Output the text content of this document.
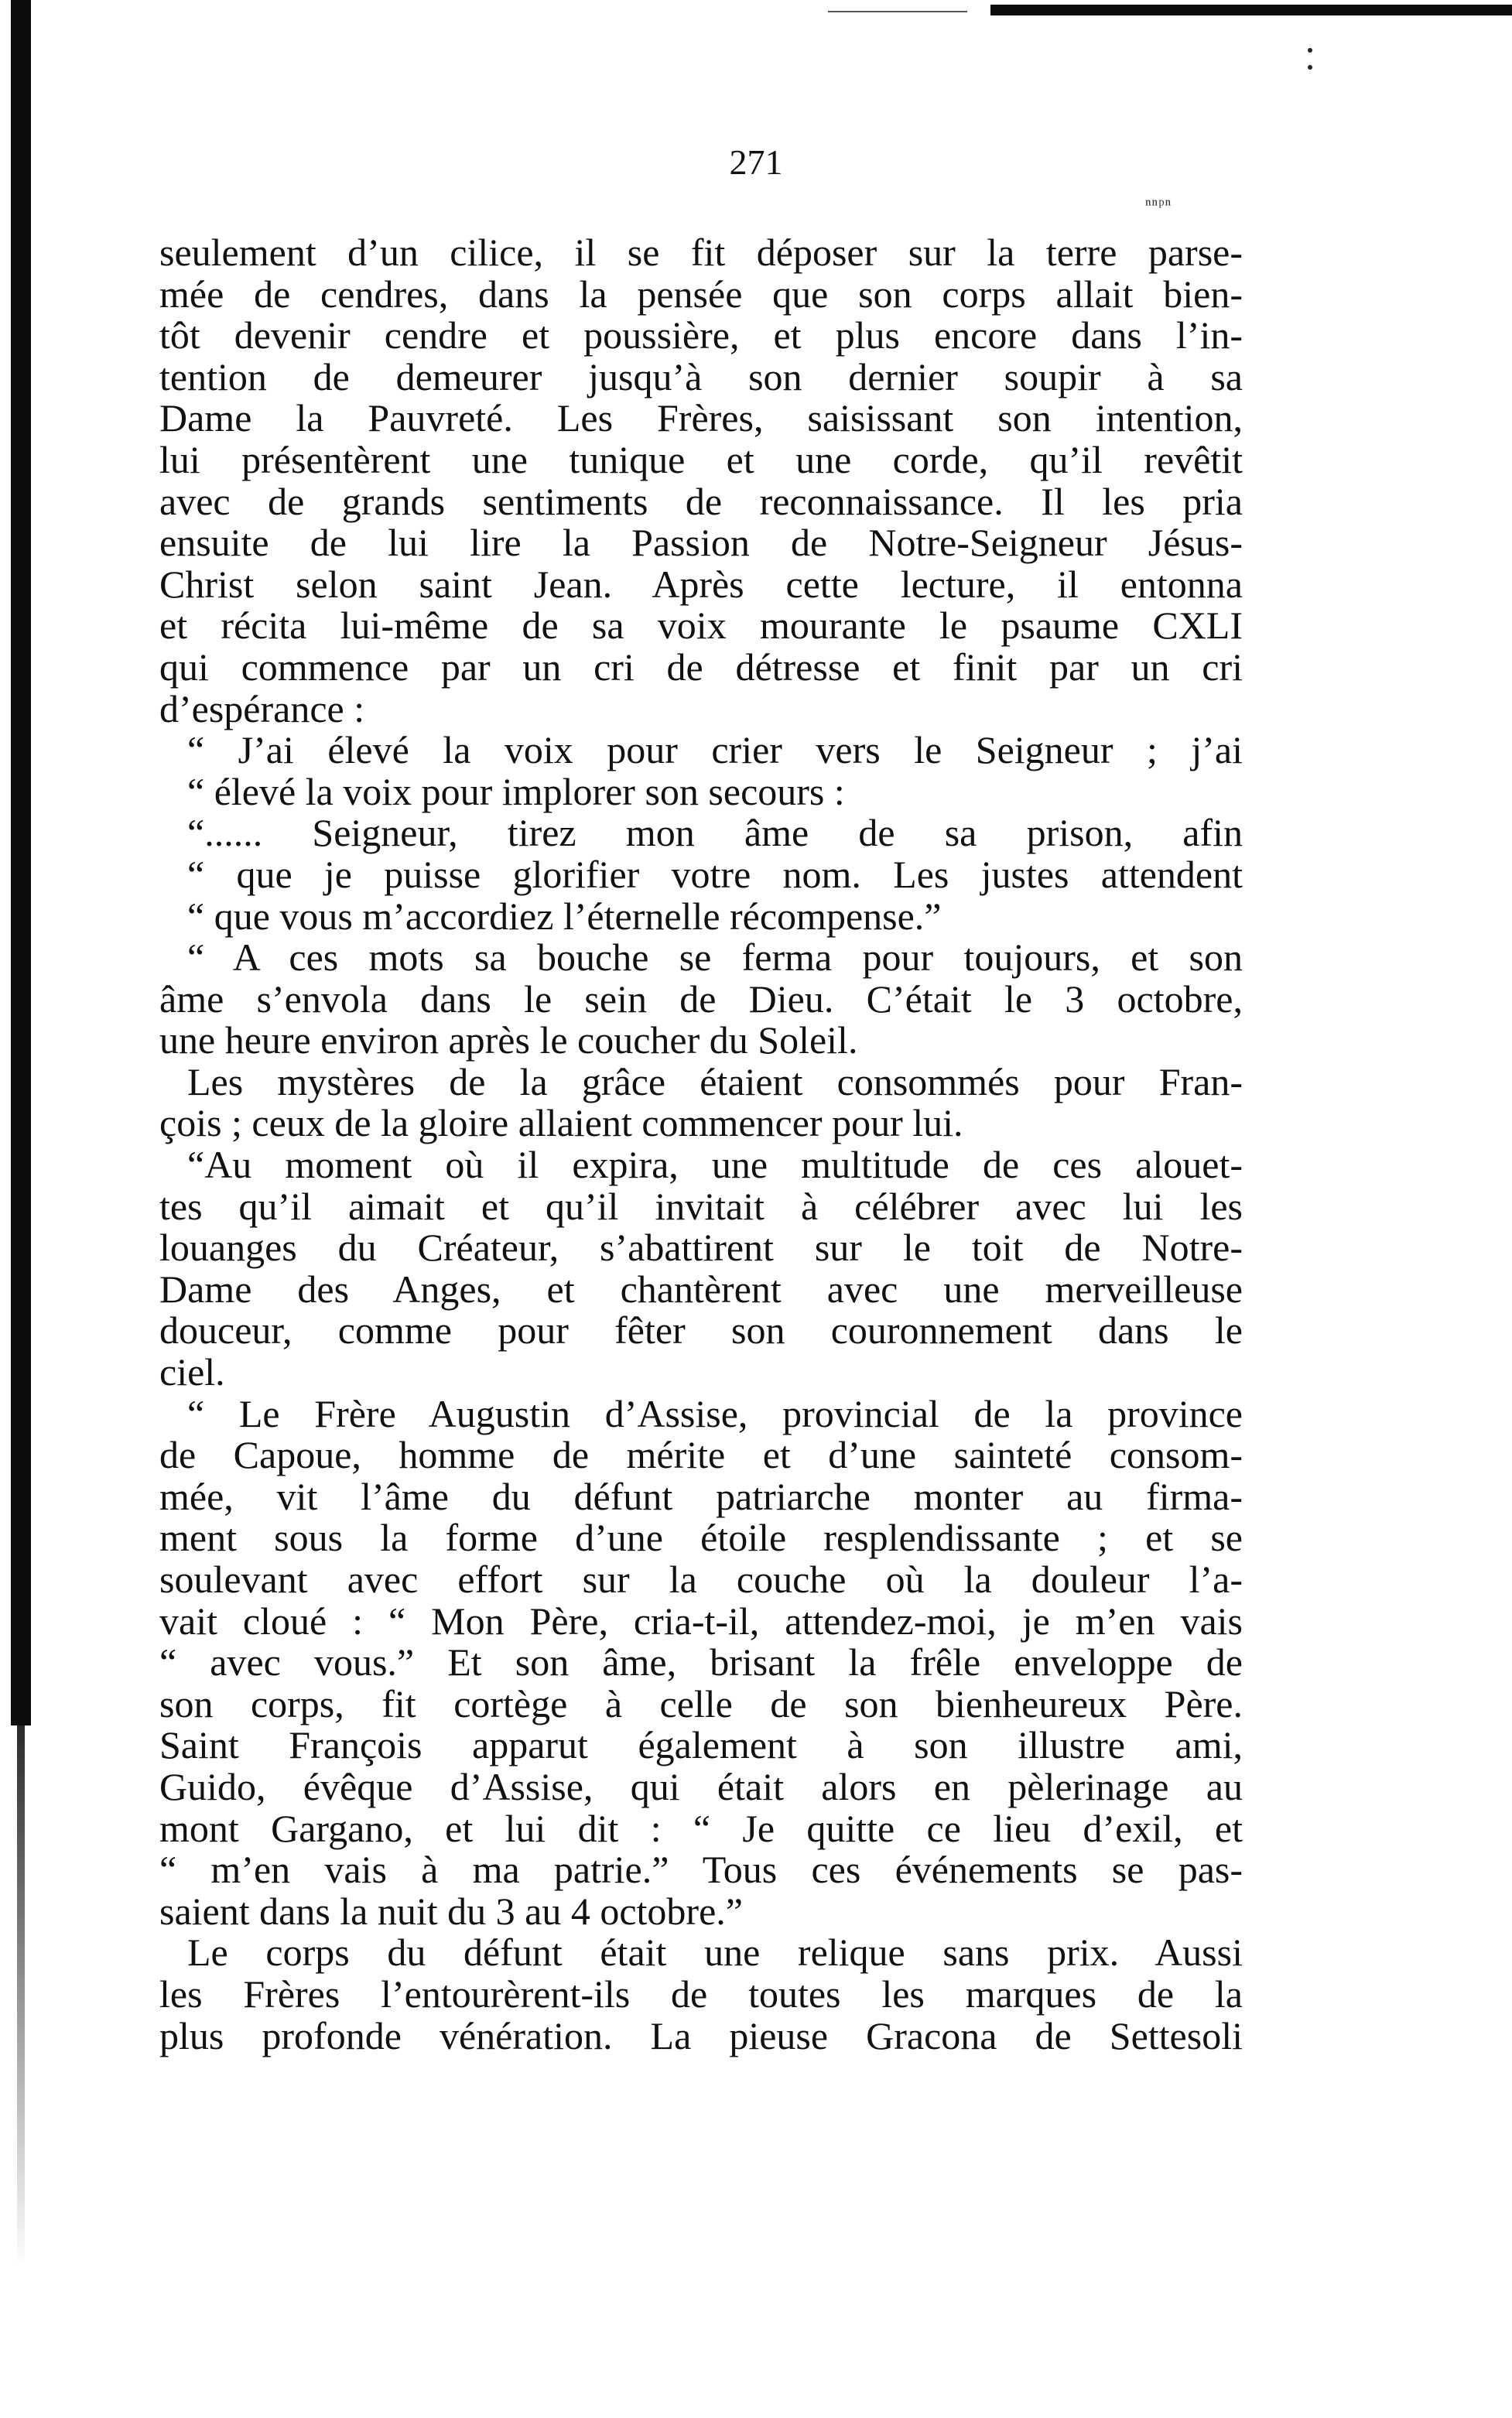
271
ⁿⁿᵖⁿ
seulement d’un cilice, il se fit déposer sur la terre parse-
mée de cendres, dans la pensée que son corps allait bien-
tôt devenir cendre et poussière, et plus encore dans l’in-
tention de demeurer jusqu’à son dernier soupir à sa
Dame la Pauvreté. Les Frères, saisissant son intention,
lui présentèrent une tunique et une corde, qu’il revêtit
avec de grands sentiments de reconnaissance. Il les pria
ensuite de lui lire la Passion de Notre-Seigneur Jésus-
Christ selon saint Jean. Après cette lecture, il entonna
et récita lui-même de sa voix mourante le psaume CXLI
qui commence par un cri de détresse et finit par un cri
d’espérance :
“ J’ai élevé la voix pour crier vers le Seigneur ; j’ai
“ élevé la voix pour implorer son secours :
“...... Seigneur, tirez mon âme de sa prison, afin
“ que je puisse glorifier votre nom. Les justes attendent
“ que vous m’accordiez l’éternelle récompense.”
“ A ces mots sa bouche se ferma pour toujours, et son
âme s’envola dans le sein de Dieu. C’était le 3 octobre,
une heure environ après le coucher du Soleil.
Les mystères de la grâce étaient consommés pour Fran-
çois ; ceux de la gloire allaient commencer pour lui.
“Au moment où il expira, une multitude de ces alouet-
tes qu’il aimait et qu’il invitait à célébrer avec lui les
louanges du Créateur, s’abattirent sur le toit de Notre-
Dame des Anges, et chantèrent avec une merveilleuse
douceur, comme pour fêter son couronnement dans le
ciel.
“ Le Frère Augustin d’Assise, provincial de la province
de Capoue, homme de mérite et d’une sainteté consom-
mée, vit l’âme du défunt patriarche monter au firma-
ment sous la forme d’une étoile resplendissante ; et se
soulevant avec effort sur la couche où la douleur l’a-
vait cloué : “ Mon Père, cria-t-il, attendez-moi, je m’en vais
“ avec vous.” Et son âme, brisant la frêle enveloppe de
son corps, fit cortège à celle de son bienheureux Père.
Saint François apparut également à son illustre ami,
Guido, évêque d’Assise, qui était alors en pèlerinage au
mont Gargano, et lui dit : “ Je quitte ce lieu d’exil, et
“ m’en vais à ma patrie.” Tous ces événements se pas-
saient dans la nuit du 3 au 4 octobre.”
Le corps du défunt était une relique sans prix. Aussi
les Frères l’entourèrent-ils de toutes les marques de la
plus profonde vénération. La pieuse Gracona de Settesoli
